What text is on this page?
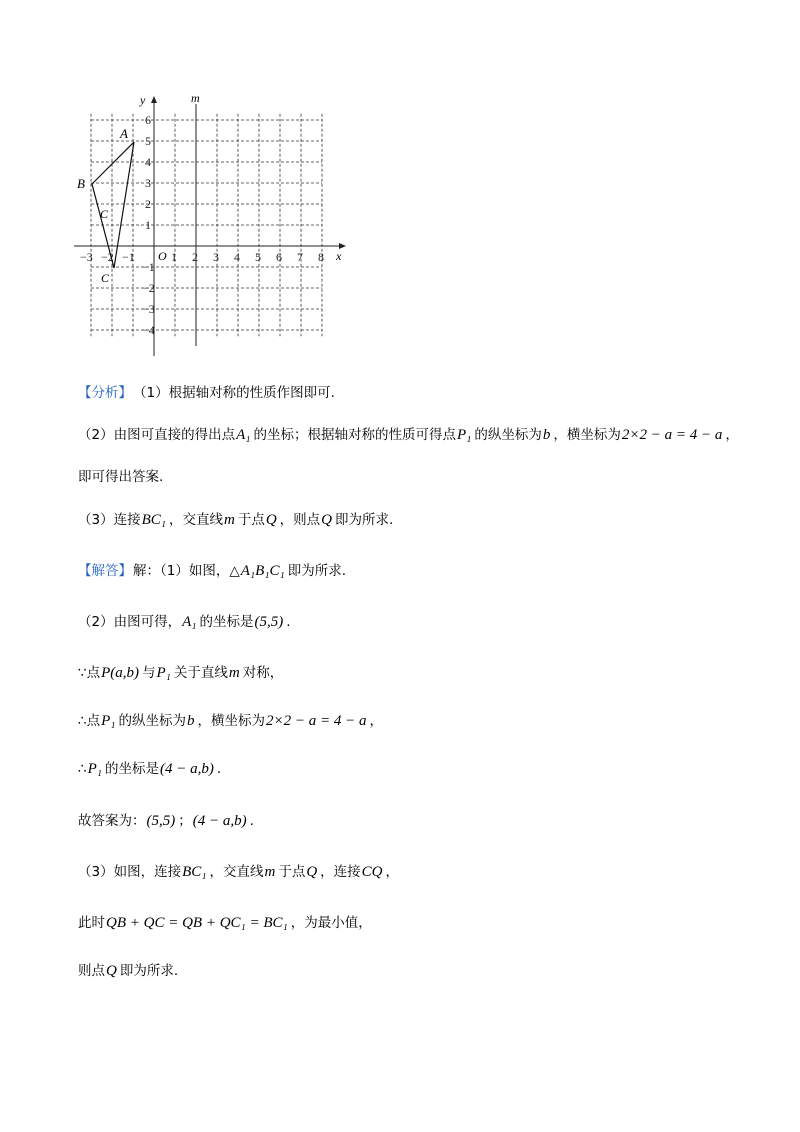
−3 −2 −1	1 2 3 4 5 6 7 8
6
5
4
3
2
1
−1
−2
−3
−4
x
y	m
O
A
B
C
C
【分析】 （1）根据轴对称的性质作图即可.
（2）由图可直接的得出点 A₁ 的坐标；根据轴对称的性质可得点 P₁ 的纵坐标为 b ，横坐标为 2×2 − a = 4 − a ，
即可得出答案.
（3）连接 BC₁ ，交直线 m 于点 Q ，则点 Q 即为所求.
【解答】 解：（1）如图，△ A₁B₁C₁ 即为所求.
（2）由图可得， A₁ 的坐标是 (5,5) .
∵点 P(a,b) 与 P₁ 关于直线 m 对称，
∴点 P₁ 的纵坐标为 b ，横坐标为 2×2 − a = 4 − a ，
∴ P₁ 的坐标是 (4 − a,b) .
故答案为： (5,5) ； (4 − a,b) .
（3）如图，连接 BC₁ ，交直线 m 于点 Q ，连接 CQ ，
此时 QB + QC = QB + QC₁ = BC₁ ，为最小值，
则点 Q 即为所求.
